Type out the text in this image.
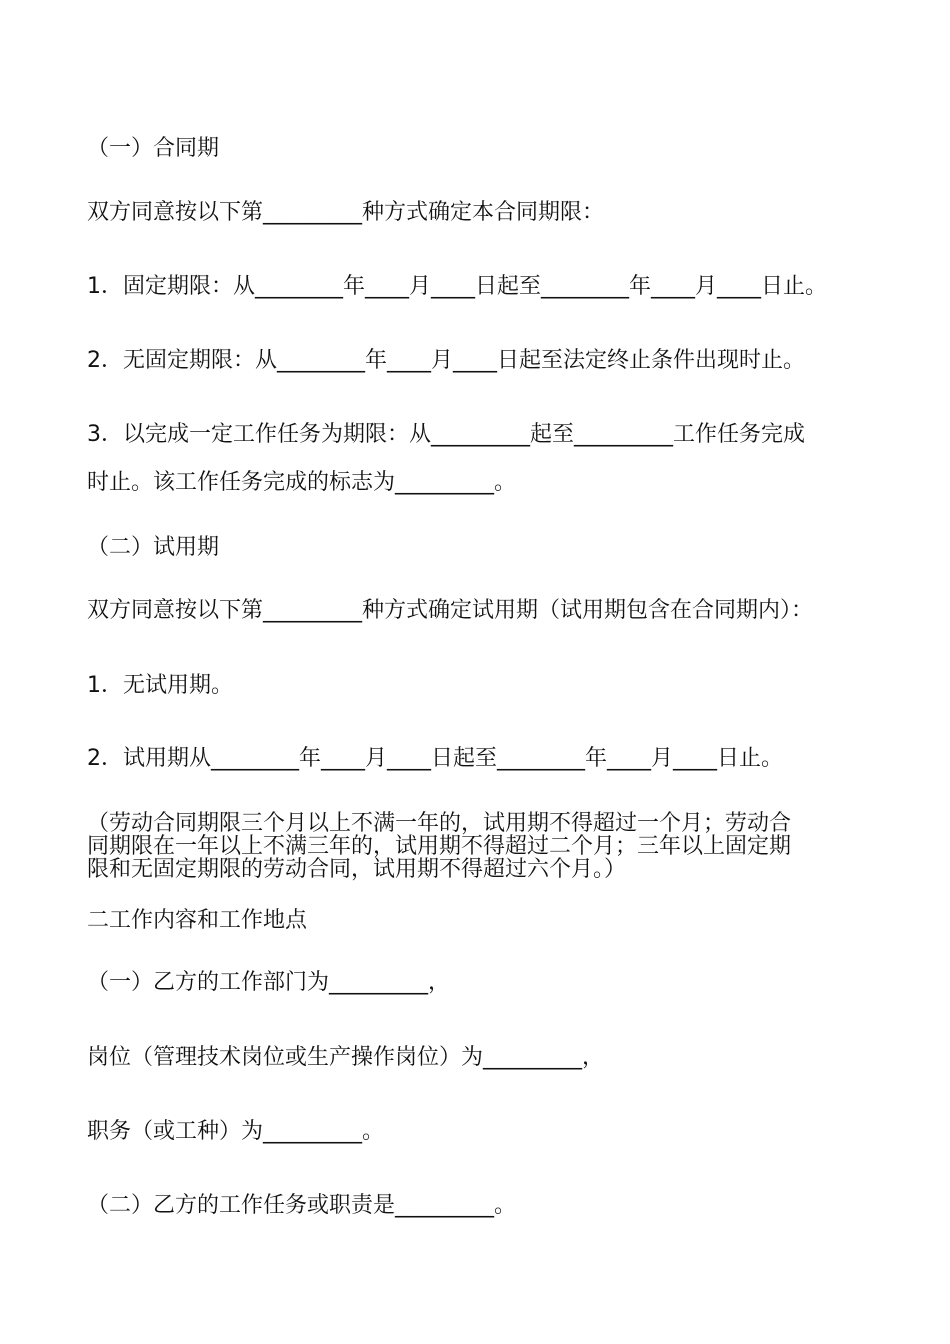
（一）合同期
双方同意按以下第_________种方式确定本合同期限：
1．固定期限：从________年____月____日起至________年____月____日止。
2．无固定期限：从________年____月____日起至法定终止条件出现时止。
3．以完成一定工作任务为期限：从_________起至_________工作任务完成
时止。该工作任务完成的标志为_________。
（二）试用期
双方同意按以下第_________种方式确定试用期（试用期包含在合同期内）：
1．无试用期。
2．试用期从________年____月____日起至________年____月____日止。
（劳动合同期限三个月以上不满一年的，试用期不得超过一个月；劳动合
同期限在一年以上不满三年的，试用期不得超过二个月；三年以上固定期
限和无固定期限的劳动合同，试用期不得超过六个月。）
二工作内容和工作地点
（一）乙方的工作部门为_________，
岗位（管理技术岗位或生产操作岗位）为_________，
职务（或工种）为_________。
（二）乙方的工作任务或职责是_________。
